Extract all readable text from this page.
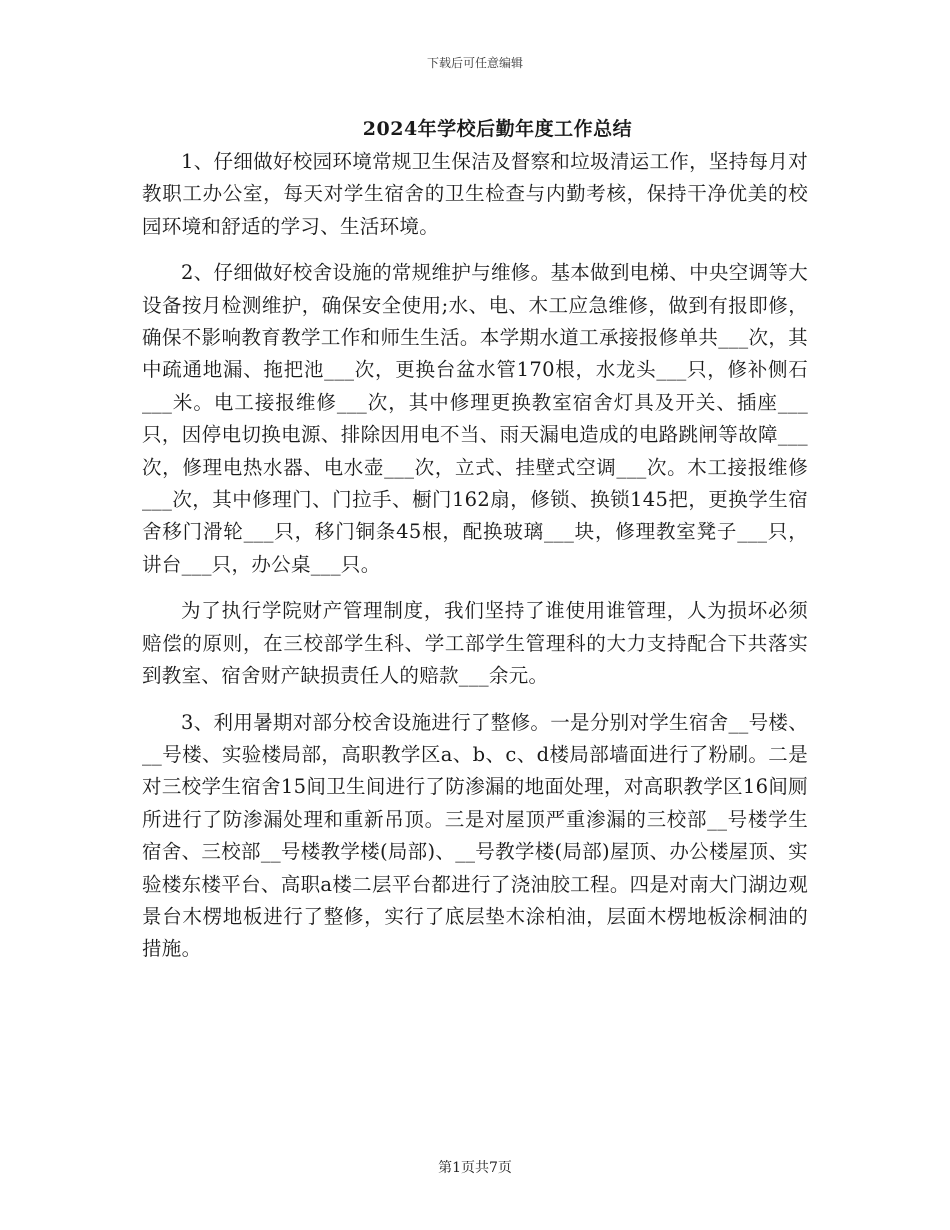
下载后可任意编辑
2024年学校后勤年度工作总结

1、仔细做好校园环境常规卫生保洁及督察和垃圾清运工作，坚持每月对教职工办公室，每天对学生宿舍的卫生检查与内勤考核，保持干净优美的校园环境和舒适的学习、生活环境。

2、仔细做好校舍设施的常规维护与维修。基本做到电梯、中央空调等大设备按月检测维护，确保安全使用;水、电、木工应急维修，做到有报即修，确保不影响教育教学工作和师生生活。本学期水道工承接报修单共___次，其中疏通地漏、拖把池___次，更换台盆水管170根，水龙头___只，修补侧石___米。电工接报维修___次，其中修理更换教室宿舍灯具及开关、插座___只，因停电切换电源、排除因用电不当、雨天漏电造成的电路跳闸等故障___次，修理电热水器、电水壶___次，立式、挂壁式空调___次。木工接报维修___次，其中修理门、门拉手、橱门162扇，修锁、换锁145把，更换学生宿舍移门滑轮___只，移门铜条45根，配换玻璃___块，修理教室凳子___只，讲台___只，办公桌___只。

为了执行学院财产管理制度，我们坚持了谁使用谁管理，人为损坏必须赔偿的原则，在三校部学生科、学工部学生管理科的大力支持配合下共落实到教室、宿舍财产缺损责任人的赔款___余元。

3、利用暑期对部分校舍设施进行了整修。一是分别对学生宿舍__号楼、__号楼、实验楼局部，高职教学区a、b、c、d楼局部墙面进行了粉刷。二是对三校学生宿舍15间卫生间进行了防渗漏的地面处理，对高职教学区16间厕所进行了防渗漏处理和重新吊顶。三是对屋顶严重渗漏的三校部__号楼学生宿舍、三校部__号楼教学楼(局部)、__号教学楼(局部)屋顶、办公楼屋顶、实验楼东楼平台、高职a楼二层平台都进行了浇油胶工程。四是对南大门湖边观景台木楞地板进行了整修，实行了底层垫木涂柏油，层面木楞地板涂桐油的措施。

第1页共7页
